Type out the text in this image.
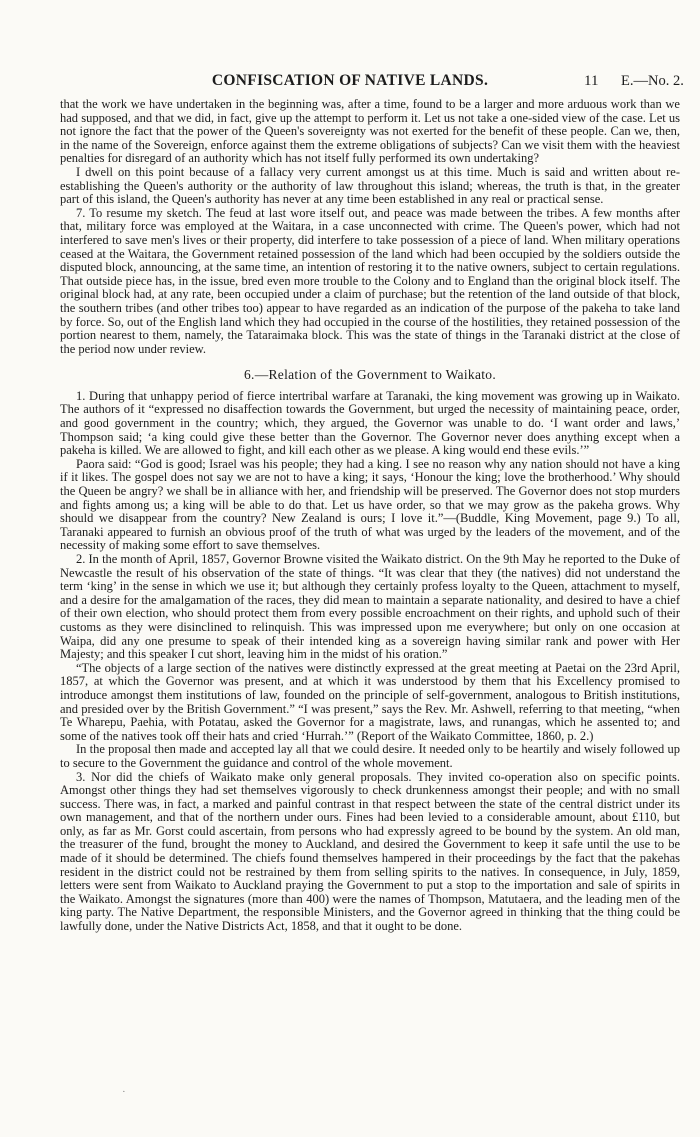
CONFISCATION OF NATIVE LANDS.	11 E.—No. 2.

that the work we have undertaken in the beginning was, after a time, found to be a larger and more arduous work than we had supposed, and that we did, in fact, give up the attempt to perform it. Let us not take a one-sided view of the case. Let us not ignore the fact that the power of the Queen's sovereignty was not exerted for the benefit of these people. Can we, then, in the name of the Sovereign, enforce against them the extreme obligations of subjects? Can we visit them with the heaviest penalties for disregard of an authority which has not itself fully performed its own undertaking?

I dwell on this point because of a fallacy very current amongst us at this time. Much is said and written about re-establishing the Queen's authority or the authority of law throughout this island; whereas, the truth is that, in the greater part of this island, the Queen's authority has never at any time been established in any real or practical sense.

7. To resume my sketch. The feud at last wore itself out, and peace was made between the tribes. A few months after that, military force was employed at the Waitara, in a case unconnected with crime. The Queen's power, which had not interfered to save men's lives or their property, did interfere to take possession of a piece of land. When military operations ceased at the Waitara, the Government retained possession of the land which had been occupied by the soldiers outside the disputed block, announcing, at the same time, an intention of restoring it to the native owners, subject to certain regulations. That outside piece has, in the issue, bred even more trouble to the Colony and to England than the original block itself. The original block had, at any rate, been occupied under a claim of purchase; but the retention of the land outside of that block, the southern tribes (and other tribes too) appear to have regarded as an indication of the purpose of the pakeha to take land by force. So, out of the English land which they had occupied in the course of the hostilities, they retained possession of the portion nearest to them, namely, the Tataraimaka block. This was the state of things in the Taranaki district at the close of the period now under review.

6.—Relation of the Government to Waikato.

1. During that unhappy period of fierce intertribal warfare at Taranaki, the king movement was growing up in Waikato. The authors of it “expressed no disaffection towards the Government, but urged the necessity of maintaining peace, order, and good government in the country; which, they argued, the Governor was unable to do. ‘I want order and laws,’ Thompson said; ‘a king could give these better than the Governor. The Governor never does anything except when a pakeha is killed. We are allowed to fight, and kill each other as we please. A king would end these evils.’”

Paora said: “God is good; Israel was his people; they had a king. I see no reason why any nation should not have a king if it likes. The gospel does not say we are not to have a king; it says, ‘Honour the king; love the brotherhood.’ Why should the Queen be angry? we shall be in alliance with her, and friendship will be preserved. The Governor does not stop murders and fights among us; a king will be able to do that. Let us have order, so that we may grow as the pakeha grows. Why should we disappear from the country? New Zealand is ours; I love it.”—(Buddle, King Movement, page 9.) To all, Taranaki appeared to furnish an obvious proof of the truth of what was urged by the leaders of the movement, and of the necessity of making some effort to save themselves.

2. In the month of April, 1857, Governor Browne visited the Waikato district. On the 9th May he reported to the Duke of Newcastle the result of his observation of the state of things. “It was clear that they (the natives) did not understand the term ‘king’ in the sense in which we use it; but although they certainly profess loyalty to the Queen, attachment to myself, and a desire for the amalgamation of the races, they did mean to maintain a separate nationality, and desired to have a chief of their own election, who should protect them from every possible encroachment on their rights, and uphold such of their customs as they were disinclined to relinquish. This was impressed upon me everywhere; but only on one occasion at Waipa, did any one presume to speak of their intended king as a sovereign having similar rank and power with Her Majesty; and this speaker I cut short, leaving him in the midst of his oration.”

“The objects of a large section of the natives were distinctly expressed at the great meeting at Paetai on the 23rd April, 1857, at which the Governor was present, and at which it was understood by them that his Excellency promised to introduce amongst them institutions of law, founded on the principle of self-government, analogous to British institutions, and presided over by the British Government.” “I was present,” says the Rev. Mr. Ashwell, referring to that meeting, “when Te Wharepu, Paehia, with Potatau, asked the Governor for a magistrate, laws, and runangas, which he assented to; and some of the natives took off their hats and cried ‘Hurrah.’” (Report of the Waikato Committee, 1860, p. 2.)

In the proposal then made and accepted lay all that we could desire. It needed only to be heartily and wisely followed up to secure to the Government the guidance and control of the whole movement.

3. Nor did the chiefs of Waikato make only general proposals. They invited co-operation also on specific points. Amongst other things they had set themselves vigorously to check drunkenness amongst their people; and with no small success. There was, in fact, a marked and painful contrast in that respect between the state of the central district under its own management, and that of the northern under ours. Fines had been levied to a considerable amount, about £110, but only, as far as Mr. Gorst could ascertain, from persons who had expressly agreed to be bound by the system. An old man, the treasurer of the fund, brought the money to Auckland, and desired the Government to keep it safe until the use to be made of it should be determined. The chiefs found themselves hampered in their proceedings by the fact that the pakehas resident in the district could not be restrained by them from selling spirits to the natives. In consequence, in July, 1859, letters were sent from Waikato to Auckland praying the Government to put a stop to the importation and sale of spirits in the Waikato. Amongst the signatures (more than 400) were the names of Thompson, Matutaera, and the leading men of the king party. The Native Department, the responsible Ministers, and the Governor agreed in thinking that the thing could be lawfully done, under the Native Districts Act, 1858, and that it ought to be done.

·
